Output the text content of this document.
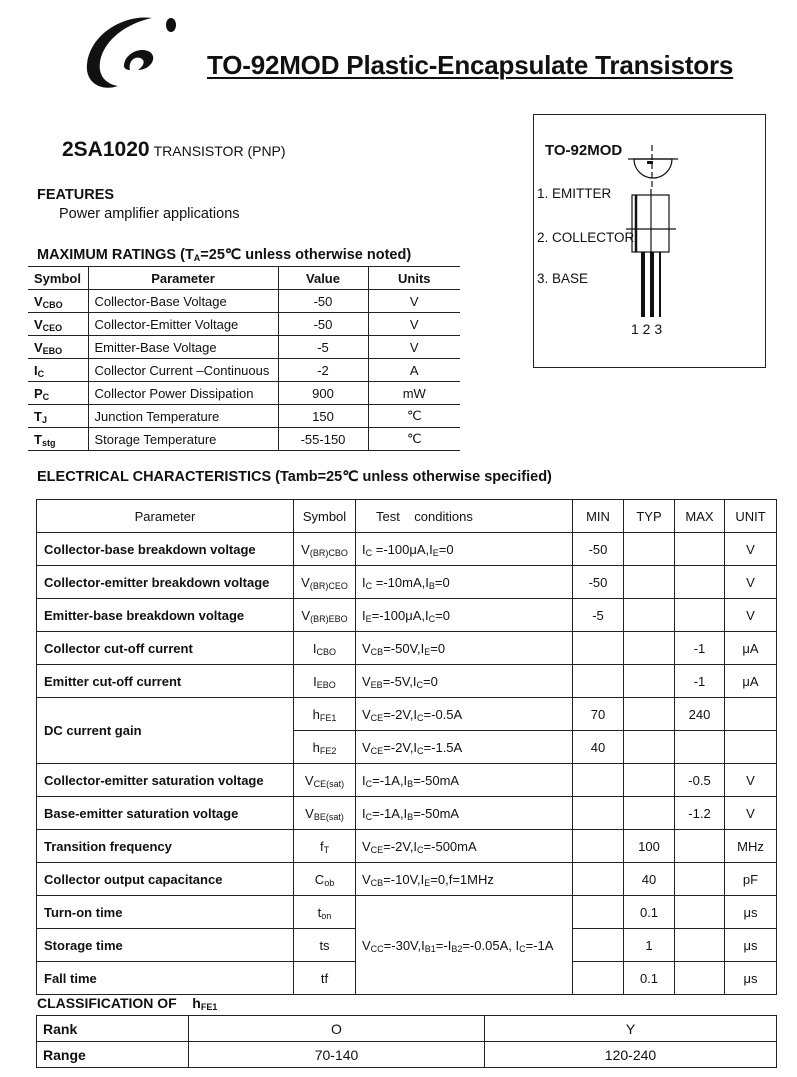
TO-92MOD Plastic-Encapsulate Transistors
2SA1020 TRANSISTOR (PNP)
FEATURES
Power amplifier applications
TO-92MOD
1. EMITTER
2. COLLECTOR
3. BASE
1 2 3
MAXIMUM RATINGS ($T_A=25℃$ unless otherwise noted)
Symbol	Parameter	Value	Units
$V_{CBO}$	Collector-Base Voltage	-50	V
$V_{CEO}$	Collector-Emitter Voltage	-50	V
$V_{EBO}$	Emitter-Base Voltage	-5	V
$I_C$	Collector Current –Continuous	-2	A
$P_C$	Collector Power Dissipation	900	mW
$T_J$	Junction Temperature	150	℃
$T_{stg}$	Storage Temperature	-55-150	℃
ELECTRICAL CHARACTERISTICS (Tamb=25℃ unless otherwise specified)
Parameter	Symbol	Test    conditions	MIN	TYP	MAX	UNIT
Collector-base breakdown voltage	$V_{(BR)CBO}$	$I_C =-100\mu A,I_E=0$	-50			V
Collector-emitter breakdown voltage	$V_{(BR)CEO}$	$I_C =-10mA,I_B=0$	-50			V
Emitter-base breakdown voltage	$V_{(BR)EBO}$	$I_E=-100\mu A,I_C=0$	-5			V
Collector cut-off current	$I_{CBO}$	$V_{CB}=-50V,I_E=0$			-1	μA
Emitter cut-off current	$I_{EBO}$	$V_{EB}=-5V,I_C=0$			-1	μA
DC current gain	$h_{FE1}$	$V_{CE}=-2V,I_C=-0.5A$	70		240	
	$h_{FE2}$	$V_{CE}=-2V,I_C=-1.5A$	40			
Collector-emitter saturation voltage	$V_{CE(sat)}$	$I_C=-1A,I_B=-50mA$			-0.5	V
Base-emitter saturation voltage	$V_{BE(sat)}$	$I_C=-1A,I_B=-50mA$			-1.2	V
Transition frequency	$f_T$	$V_{CE}=-2V,I_C=-500mA$		100		MHz
Collector output capacitance	$C_{ob}$	$V_{CB}=-10V,I_E=0,f=1MHz$		40		pF
Turn-on time	$t_{on}$	$V_{CC}=-30V,I_{B1}=-I_{B2}=-0.05A$, $I_C=-1A$		0.1		μs
Storage time	ts			1		μs
Fall time	tf			0.1		μs
CLASSIFICATION OF    $h_{FE1}$
Rank	O	Y
Range	70-140	120-240
